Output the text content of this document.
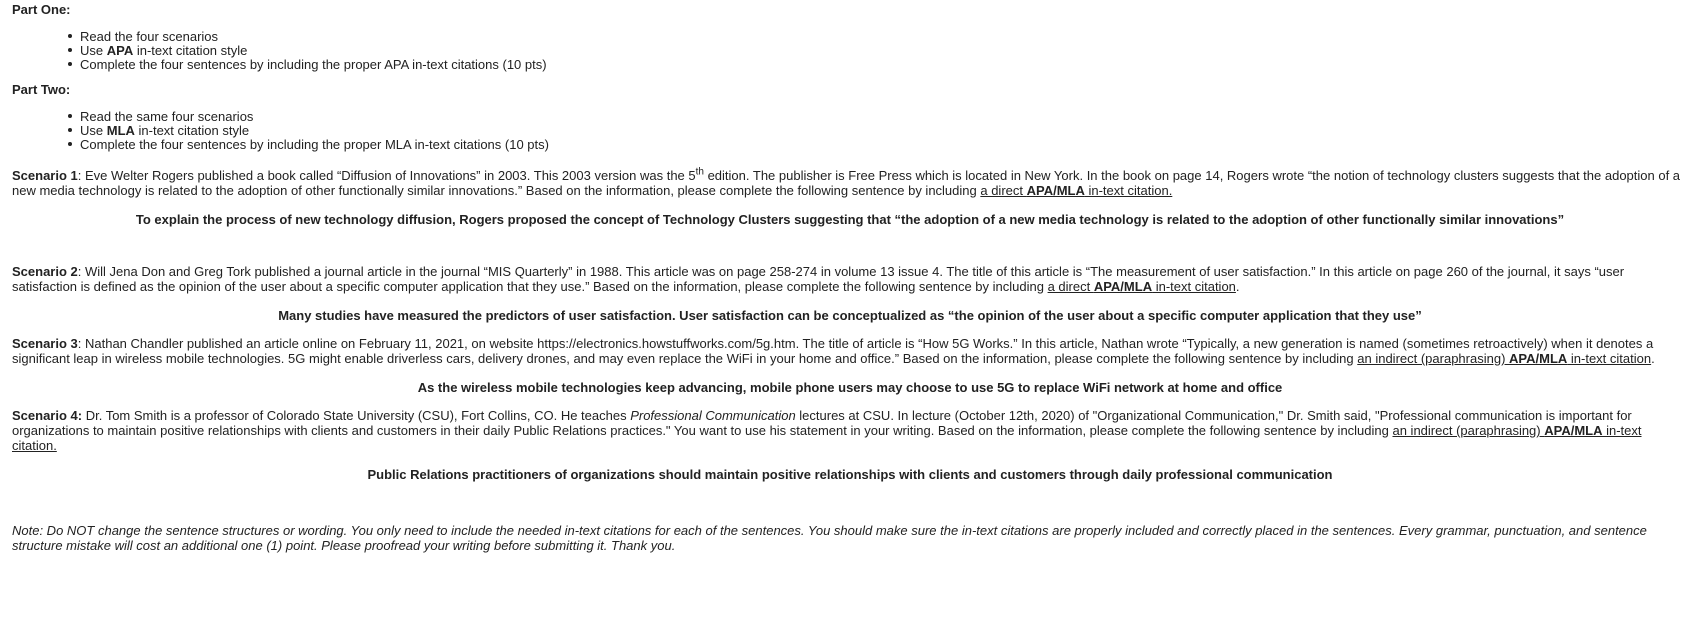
Part One:

Read the four scenarios
Use APA in-text citation style
Complete the four sentences by including the proper APA in-text citations (10 pts)

Part Two:

Read the same four scenarios
Use MLA in-text citation style
Complete the four sentences by including the proper MLA in-text citations (10 pts)

Scenario 1: Eve Welter Rogers published a book called “Diffusion of Innovations” in 2003. This 2003 version was the 5th edition. The publisher is Free Press which is located in New York. In the book on page 14, Rogers wrote “the notion of technology clusters suggests that the adoption of a new media technology is related to the adoption of other functionally similar innovations.” Based on the information, please complete the following sentence by including a direct APA/MLA in-text citation.

To explain the process of new technology diffusion, Rogers proposed the concept of Technology Clusters suggesting that “the adoption of a new media technology is related to the adoption of other functionally similar innovations”

Scenario 2: Will Jena Don and Greg Tork published a journal article in the journal “MIS Quarterly” in 1988. This article was on page 258-274 in volume 13 issue 4. The title of this article is “The measurement of user satisfaction.” In this article on page 260 of the journal, it says “user satisfaction is defined as the opinion of the user about a specific computer application that they use.” Based on the information, please complete the following sentence by including a direct APA/MLA in-text citation.

Many studies have measured the predictors of user satisfaction. User satisfaction can be conceptualized as “the opinion of the user about a specific computer application that they use”

Scenario 3: Nathan Chandler published an article online on February 11, 2021, on website https://electronics.howstuffworks.com/5g.htm. The title of article is “How 5G Works.” In this article, Nathan wrote “Typically, a new generation is named (sometimes retroactively) when it denotes a significant leap in wireless mobile technologies. 5G might enable driverless cars, delivery drones, and may even replace the WiFi in your home and office.” Based on the information, please complete the following sentence by including an indirect (paraphrasing) APA/MLA in-text citation.

As the wireless mobile technologies keep advancing, mobile phone users may choose to use 5G to replace WiFi network at home and office

Scenario 4: Dr. Tom Smith is a professor of Colorado State University (CSU), Fort Collins, CO. He teaches Professional Communication lectures at CSU. In lecture (October 12th, 2020) of "Organizational Communication," Dr. Smith said, "Professional communication is important for organizations to maintain positive relationships with clients and customers in their daily Public Relations practices." You want to use his statement in your writing. Based on the information, please complete the following sentence by including an indirect (paraphrasing) APA/MLA in-text citation.

Public Relations practitioners of organizations should maintain positive relationships with clients and customers through daily professional communication

Note: Do NOT change the sentence structures or wording. You only need to include the needed in-text citations for each of the sentences. You should make sure the in-text citations are properly included and correctly placed in the sentences. Every grammar, punctuation, and sentence structure mistake will cost an additional one (1) point. Please proofread your writing before submitting it. Thank you.
